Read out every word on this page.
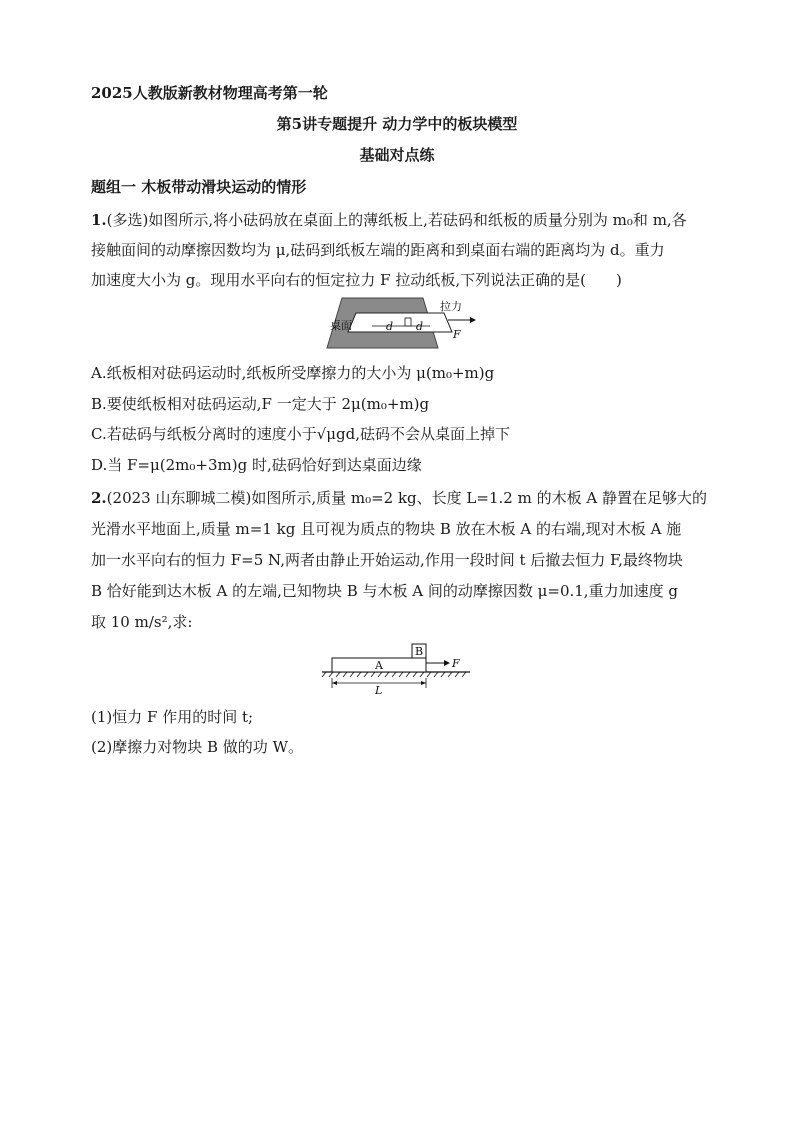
2025人教版新教材物理高考第一轮
第5讲专题提升 动力学中的板块模型
基础对点练
题组一 木板带动滑块运动的情形
1.(多选)如图所示,将小砝码放在桌面上的薄纸板上,若砝码和纸板的质量分别为 m₀和 m,各
接触面间的动摩擦因数均为 μ,砝码到纸板左端的距离和到桌面右端的距离均为 d。重力
加速度大小为 g。现用水平向右的恒定拉力 F 拉动纸板,下列说法正确的是(　　)
桌面	d d
拉力
F
A.纸板相对砝码运动时,纸板所受摩擦力的大小为 μ(m₀+m)g
B.要使纸板相对砝码运动,F 一定大于 2μ(m₀+m)g
C.若砝码与纸板分离时的速度小于√μgd,砝码不会从桌面上掉下
D.当 F=μ(2m₀+3m)g 时,砝码恰好到达桌面边缘
2.(2023 山东聊城二模)如图所示,质量 m₀=2 kg、长度 L=1.2 m 的木板 A 静置在足够大的
光滑水平地面上,质量 m=1 kg 且可视为质点的物块 B 放在木板 A 的右端,现对木板 A 施
加一水平向右的恒力 F=5 N,两者由静止开始运动,作用一段时间 t 后撤去恒力 F,最终物块
B 恰好能到达木板 A 的左端,已知物块 B 与木板 A 间的动摩擦因数 μ=0.1,重力加速度 g
取 10 m/s²,求:
A
B
F
L
(1)恒力 F 作用的时间 t;
(2)摩擦力对物块 B 做的功 W。
